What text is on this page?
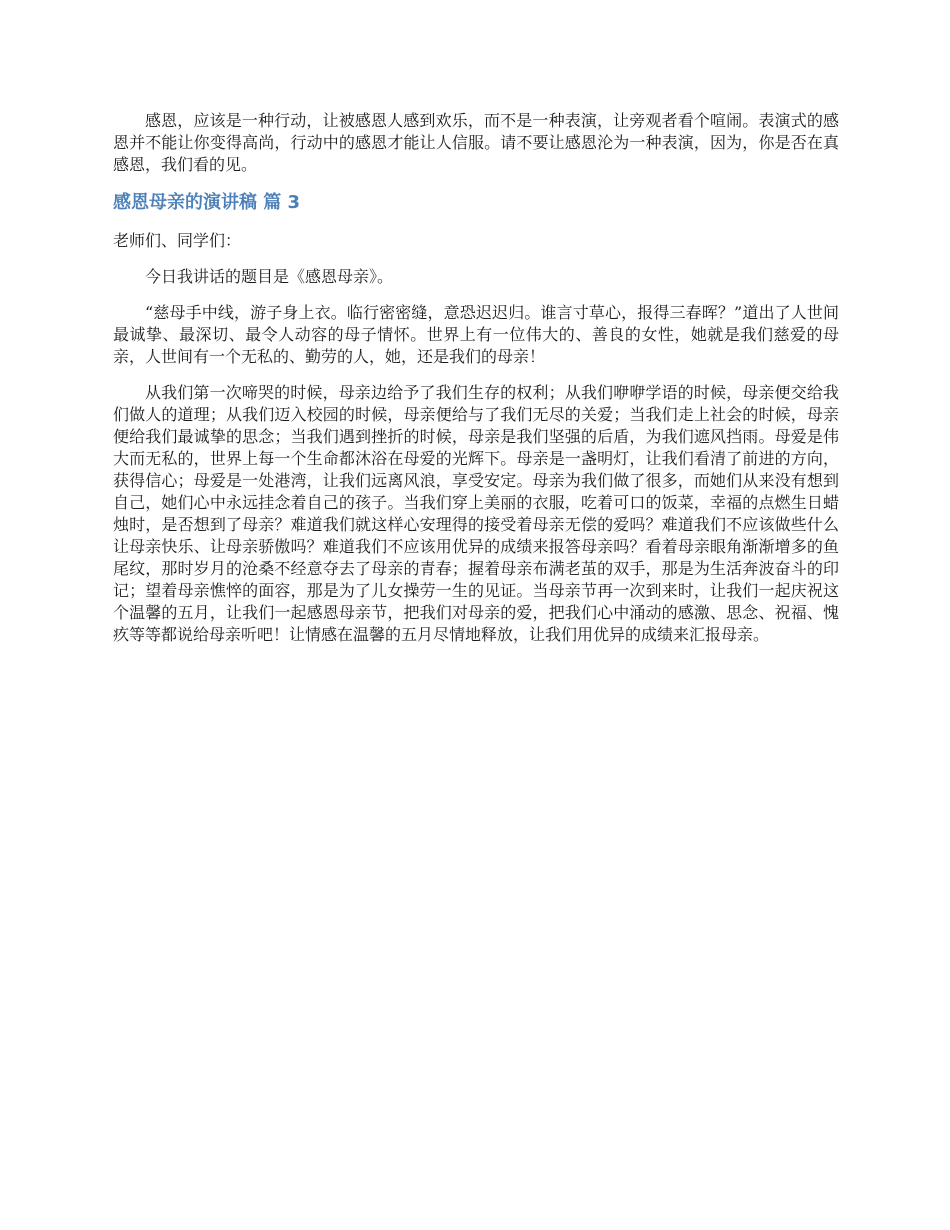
感恩，应该是一种行动，让被感恩人感到欢乐，而不是一种表演，让旁观者看个喧闹。表演式的感恩并不能让你变得高尚，行动中的感恩才能让人信服。请不要让感恩沦为一种表演，因为，你是否在真感恩，我们看的见。

感恩母亲的演讲稿 篇 3

老师们、同学们：

今日我讲话的题目是《感恩母亲》。

“慈母手中线，游子身上衣。临行密密缝，意恐迟迟归。谁言寸草心，报得三春晖？”道出了人世间最诚挚、最深切、最令人动容的母子情怀。世界上有一位伟大的、善良的女性，她就是我们慈爱的母亲，人世间有一个无私的、勤劳的人，她，还是我们的母亲！

从我们第一次啼哭的时候，母亲边给予了我们生存的权利；从我们咿咿学语的时候，母亲便交给我们做人的道理；从我们迈入校园的时候，母亲便给与了我们无尽的关爱；当我们走上社会的时候，母亲便给我们最诚挚的思念；当我们遇到挫折的时候，母亲是我们坚强的后盾，为我们遮风挡雨。母爱是伟大而无私的，世界上每一个生命都沐浴在母爱的光辉下。母亲是一盏明灯，让我们看清了前进的方向，获得信心；母爱是一处港湾，让我们远离风浪，享受安定。母亲为我们做了很多，而她们从来没有想到自己，她们心中永远挂念着自己的孩子。当我们穿上美丽的衣服，吃着可口的饭菜，幸福的点燃生日蜡烛时，是否想到了母亲？难道我们就这样心安理得的接受着母亲无偿的爱吗？难道我们不应该做些什么让母亲快乐、让母亲骄傲吗？难道我们不应该用优异的成绩来报答母亲吗？看着母亲眼角渐渐增多的鱼尾纹，那时岁月的沧桑不经意夺去了母亲的青春；握着母亲布满老茧的双手，那是为生活奔波奋斗的印记；望着母亲憔悴的面容，那是为了儿女操劳一生的见证。当母亲节再一次到来时，让我们一起庆祝这个温馨的五月，让我们一起感恩母亲节，把我们对母亲的爱，把我们心中涌动的感激、思念、祝福、愧疚等等都说给母亲听吧！让情感在温馨的五月尽情地释放，让我们用优异的成绩来汇报母亲。
